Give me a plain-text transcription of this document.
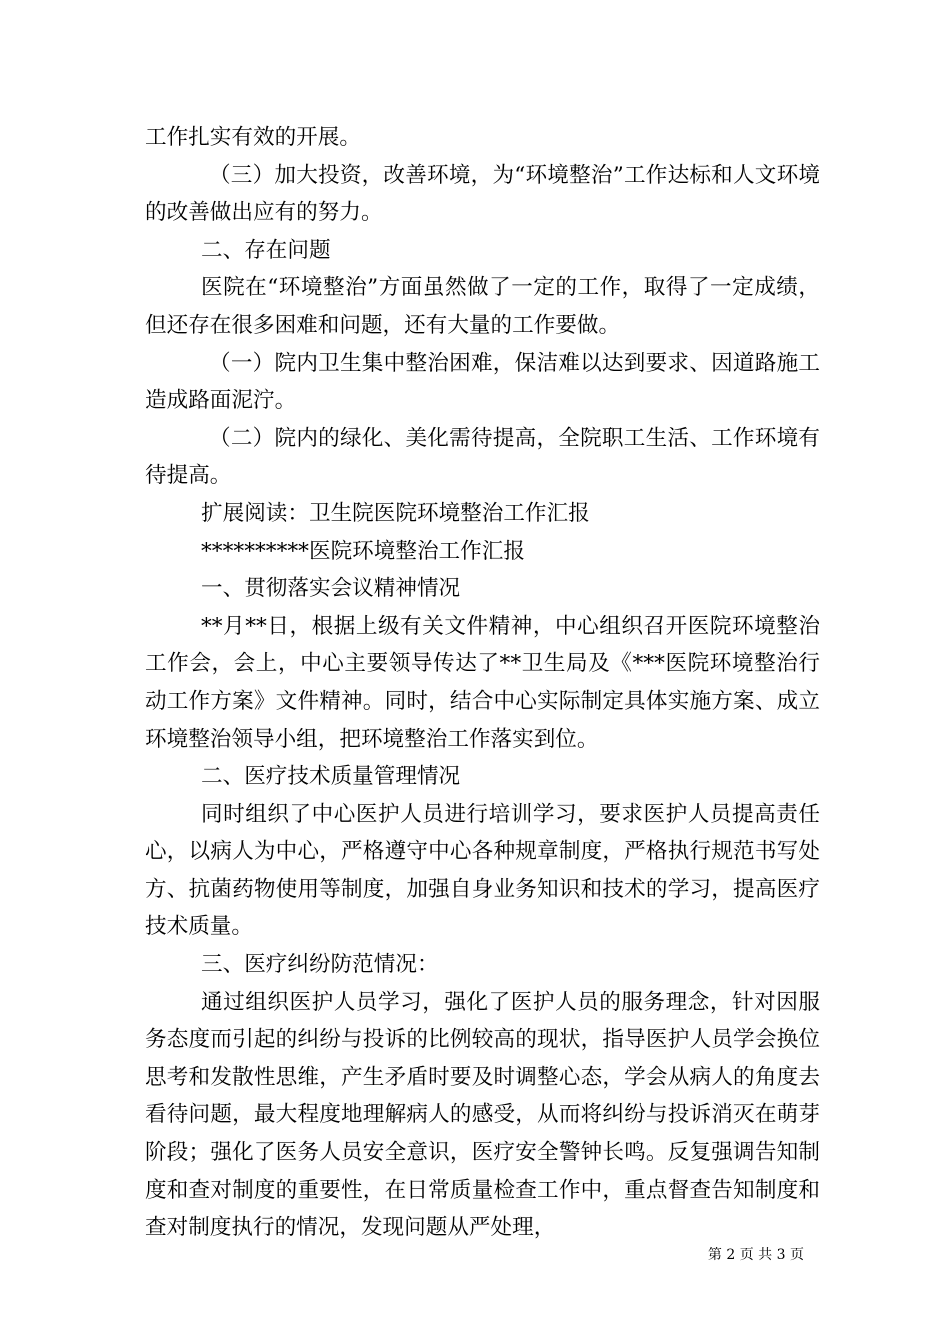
工作扎实有效的开展。

（三）加大投资，改善环境，为“环境整治”工作达标和人文环境的改善做出应有的努力。

二、存在问题

医院在“环境整治”方面虽然做了一定的工作，取得了一定成绩，但还存在很多困难和问题，还有大量的工作要做。

（一）院内卫生集中整治困难，保洁难以达到要求、因道路施工造成路面泥泞。

（二）院内的绿化、美化需待提高，全院职工生活、工作环境有待提高。

扩展阅读：卫生院医院环境整治工作汇报

**********医院环境整治工作汇报

一、贯彻落实会议精神情况

**月**日，根据上级有关文件精神，中心组织召开医院环境整治工作会，会上，中心主要领导传达了**卫生局及《***医院环境整治行动工作方案》文件精神。同时，结合中心实际制定具体实施方案、成立环境整治领导小组，把环境整治工作落实到位。

二、医疗技术质量管理情况

同时组织了中心医护人员进行培训学习，要求医护人员提高责任心，以病人为中心，严格遵守中心各种规章制度，严格执行规范书写处方、抗菌药物使用等制度，加强自身业务知识和技术的学习，提高医疗技术质量。

三、医疗纠纷防范情况：

通过组织医护人员学习，强化了医护人员的服务理念，针对因服务态度而引起的纠纷与投诉的比例较高的现状，指导医护人员学会换位思考和发散性思维，产生矛盾时要及时调整心态，学会从病人的角度去看待问题，最大程度地理解病人的感受，从而将纠纷与投诉消灭在萌芽阶段；强化了医务人员安全意识，医疗安全警钟长鸣。反复强调告知制度和查对制度的重要性，在日常质量检查工作中，重点督查告知制度和查对制度执行的情况，发现问题从严处理，

第 2 页 共 3 页
